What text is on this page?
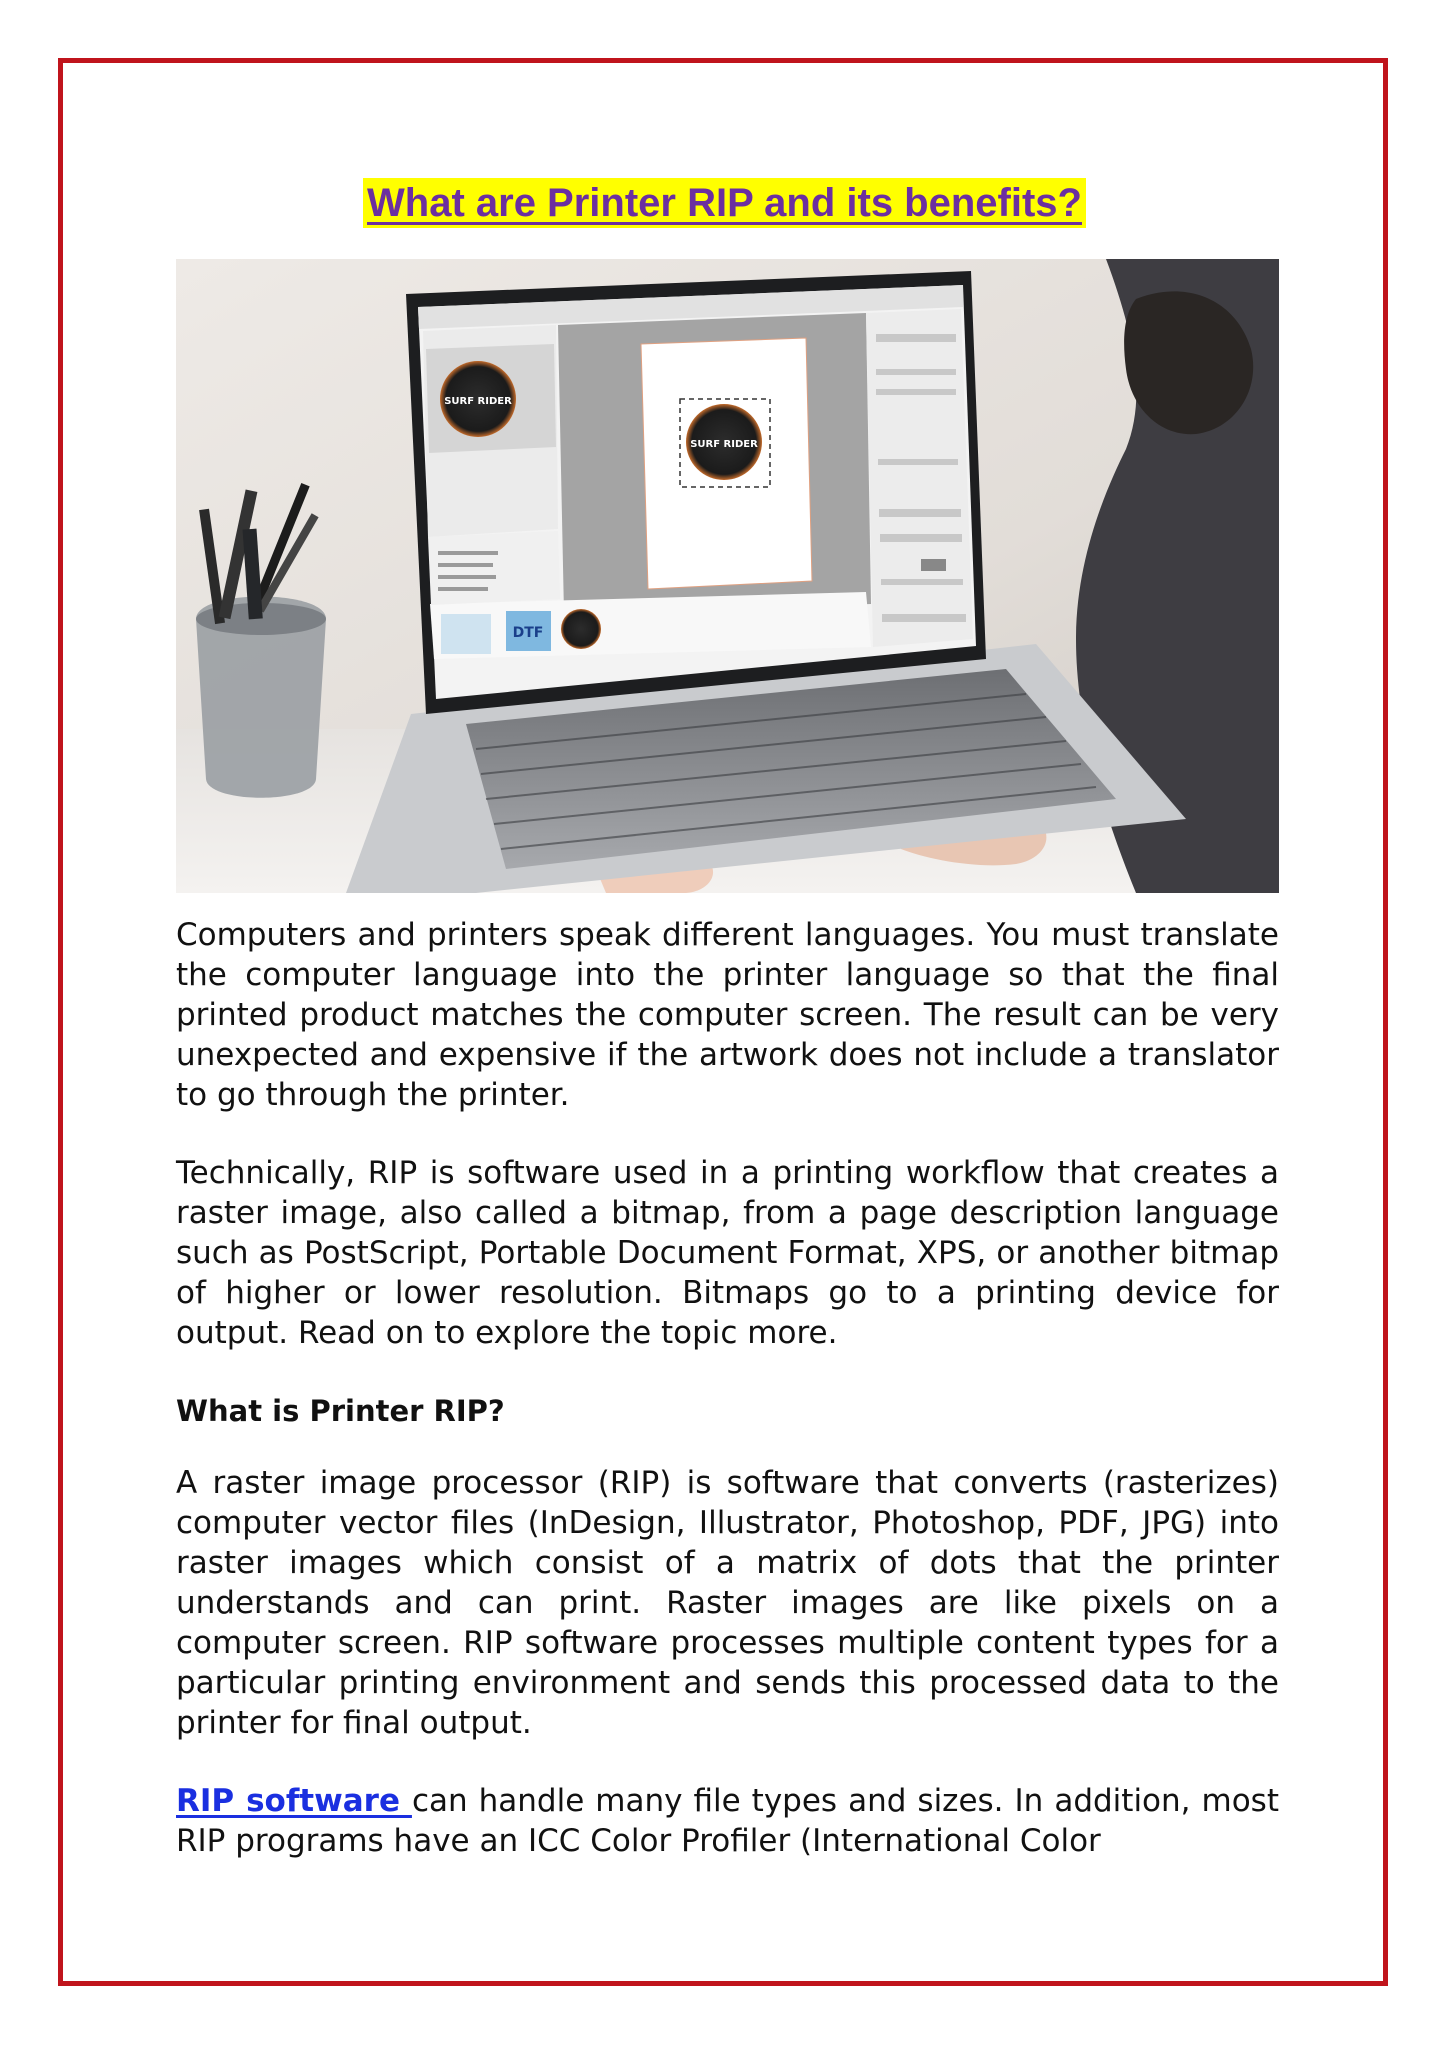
What are Printer RIP and its benefits?
SURF RIDER
SURF RIDER
DTF

Computers and printers speak different languages. You must translate the computer language into the printer language so that the final printed product matches the computer screen. The result can be very unexpected and expensive if the artwork does not include a translator to go through the printer.

Technically, RIP is software used in a printing workflow that creates a raster image, also called a bitmap, from a page description language such as PostScript, Portable Document Format, XPS, or another bitmap of higher or lower resolution. Bitmaps go to a printing device for output. Read on to explore the topic more.

What is Printer RIP?

A raster image processor (RIP) is software that converts (rasterizes) computer vector files (InDesign, Illustrator, Photoshop, PDF, JPG) into raster images which consist of a matrix of dots that the printer understands and can print. Raster images are like pixels on a computer screen. RIP software processes multiple content types for a particular printing environment and sends this processed data to the printer for final output.

RIP software can handle many file types and sizes. In addition, most RIP programs have an ICC Color Profiler (International Color
